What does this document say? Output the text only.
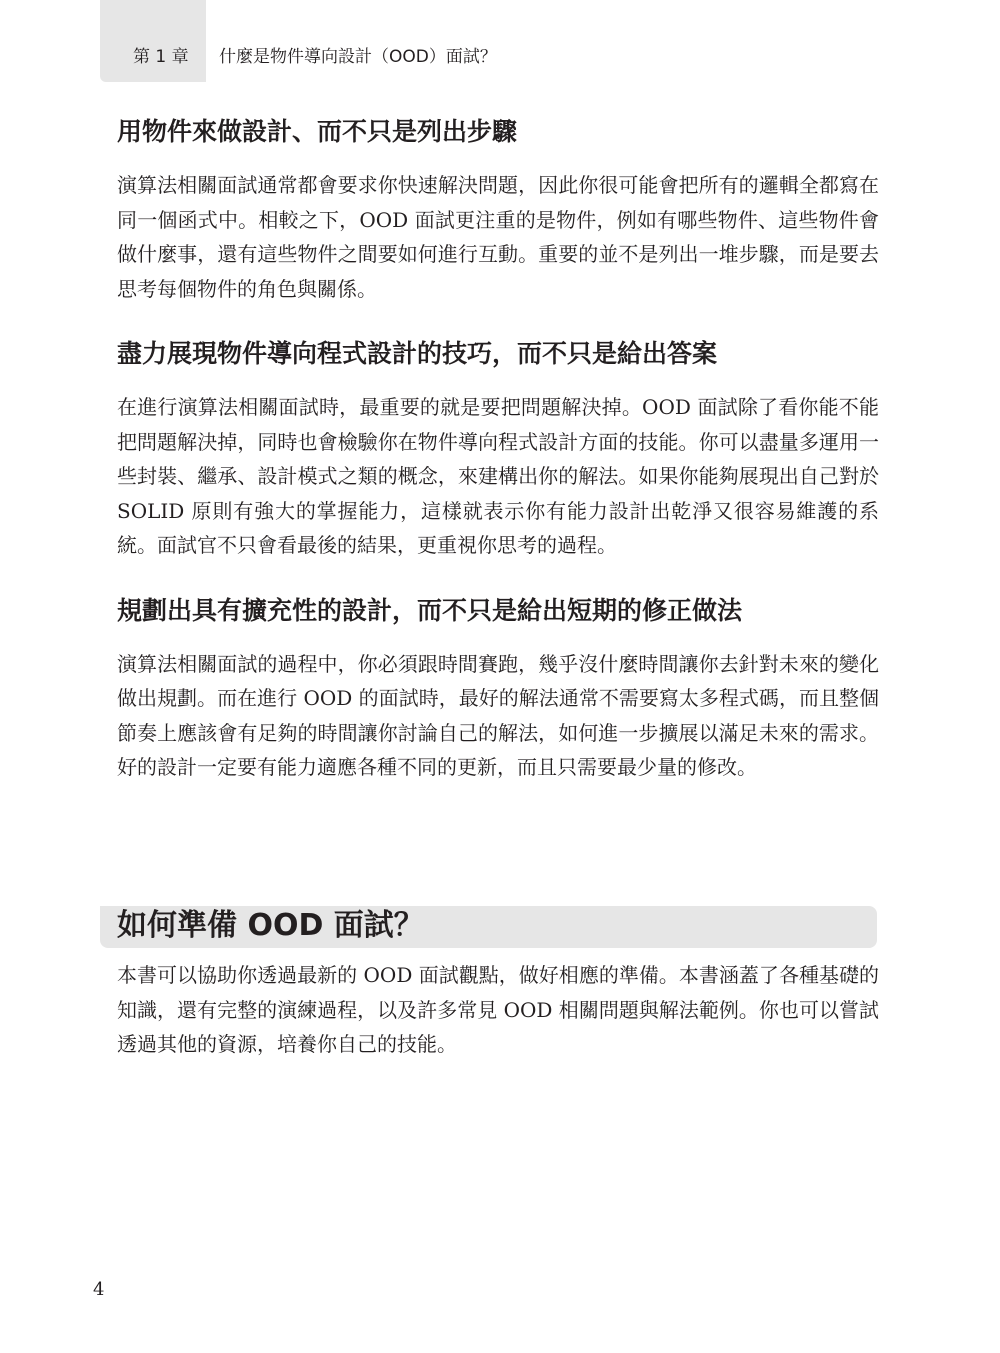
第 1 章 什麼是物件導向設計（OOD）面試？
用物件來做設計、而不只是列出步驟

演算法相關面試通常都會要求你快速解決問題，因此你很可能會把所有的邏輯全都寫在同一個函式中。相較之下，OOD 面試更注重的是物件，例如有哪些物件、這些物件會做什麼事，還有這些物件之間要如何進行互動。重要的並不是列出一堆步驟，而是要去思考每個物件的角色與關係。

盡力展現物件導向程式設計的技巧，而不只是給出答案

在進行演算法相關面試時，最重要的就是要把問題解決掉。OOD 面試除了看你能不能把問題解決掉，同時也會檢驗你在物件導向程式設計方面的技能。你可以盡量多運用一些封裝、繼承、設計模式之類的概念，來建構出你的解法。如果你能夠展現出自己對於 SOLID 原則有強大的掌握能力，這樣就表示你有能力設計出乾淨又很容易維護的系統。面試官不只會看最後的結果，更重視你思考的過程。

規劃出具有擴充性的設計，而不只是給出短期的修正做法

演算法相關面試的過程中，你必須跟時間賽跑，幾乎沒什麼時間讓你去針對未來的變化做出規劃。而在進行 OOD 的面試時，最好的解法通常不需要寫太多程式碼，而且整個節奏上應該會有足夠的時間讓你討論自己的解法，如何進一步擴展以滿足未來的需求。好的設計一定要有能力適應各種不同的更新，而且只需要最少量的修改。

如何準備 OOD 面試？

本書可以協助你透過最新的 OOD 面試觀點，做好相應的準備。本書涵蓋了各種基礎的知識，還有完整的演練過程，以及許多常見 OOD 相關問題與解法範例。你也可以嘗試透過其他的資源，培養你自己的技能。

4
